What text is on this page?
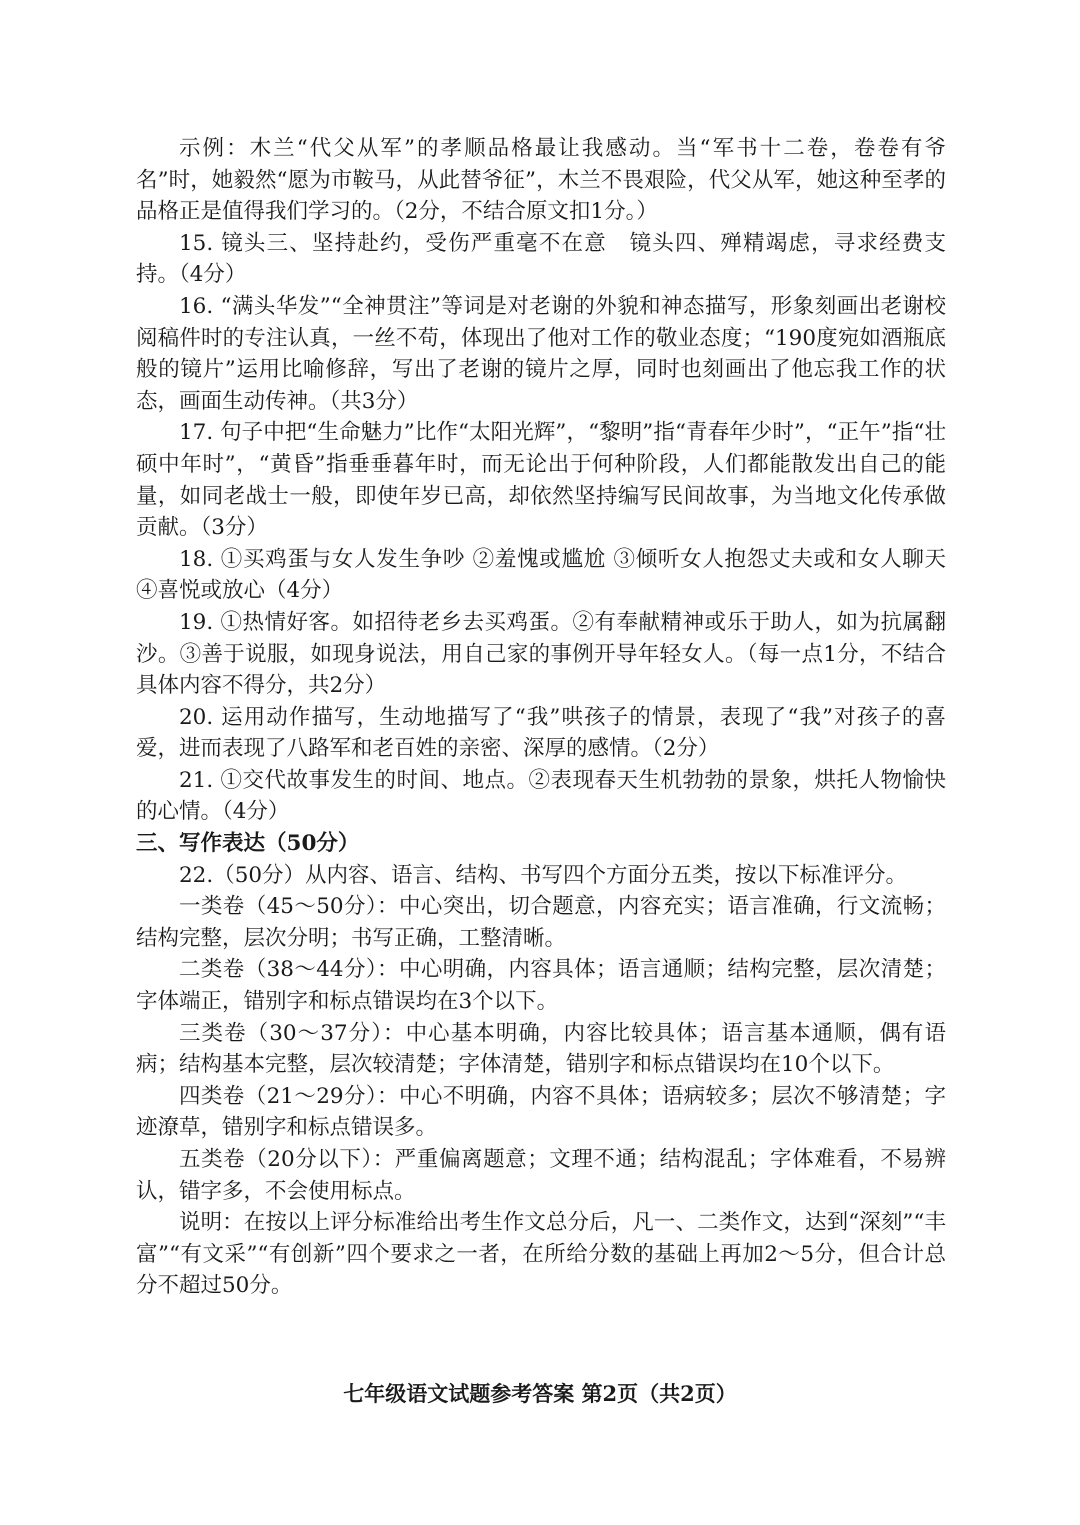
示例：木兰“代父从军”的孝顺品格最让我感动。当“军书十二卷，卷卷有爷名”时，她毅然“愿为市鞍马，从此替爷征”，木兰不畏艰险，代父从军，她这种至孝的品格正是值得我们学习的。（2分，不结合原文扣1分。）

15. 镜头三、坚持赴约，受伤严重毫不在意　镜头四、殚精竭虑，寻求经费支持。（4分）

16. “满头华发”“全神贯注”等词是对老谢的外貌和神态描写，形象刻画出老谢校阅稿件时的专注认真，一丝不苟，体现出了他对工作的敬业态度；“190度宛如酒瓶底般的镜片”运用比喻修辞，写出了老谢的镜片之厚，同时也刻画出了他忘我工作的状态，画面生动传神。（共3分）

17. 句子中把“生命魅力”比作“太阳光辉”，“黎明”指“青春年少时”，“正午”指“壮硕中年时”，“黄昏”指垂垂暮年时，而无论出于何种阶段，人们都能散发出自己的能量，如同老战士一般，即使年岁已高，却依然坚持编写民间故事，为当地文化传承做贡献。（3分）

18. ①买鸡蛋与女人发生争吵 ②羞愧或尴尬 ③倾听女人抱怨丈夫或和女人聊天 ④喜悦或放心（4分）

19. ①热情好客。如招待老乡去买鸡蛋。②有奉献精神或乐于助人，如为抗属翻沙。③善于说服，如现身说法，用自己家的事例开导年轻女人。（每一点1分，不结合具体内容不得分，共2分）

20. 运用动作描写，生动地描写了“我”哄孩子的情景，表现了“我”对孩子的喜爱，进而表现了八路军和老百姓的亲密、深厚的感情。（2分）

21. ①交代故事发生的时间、地点。②表现春天生机勃勃的景象，烘托人物愉快的心情。（4分）

三、写作表达（50分）

22.（50分）从内容、语言、结构、书写四个方面分五类，按以下标准评分。

一类卷（45～50分）：中心突出，切合题意，内容充实；语言准确，行文流畅；结构完整，层次分明；书写正确，工整清晰。

二类卷（38～44分）：中心明确，内容具体；语言通顺；结构完整，层次清楚；字体端正，错别字和标点错误均在3个以下。

三类卷（30～37分）：中心基本明确，内容比较具体；语言基本通顺，偶有语病；结构基本完整，层次较清楚；字体清楚，错别字和标点错误均在10个以下。

四类卷（21～29分）：中心不明确，内容不具体；语病较多；层次不够清楚；字迹潦草，错别字和标点错误多。

五类卷（20分以下）：严重偏离题意；文理不通；结构混乱；字体难看，不易辨认，错字多，不会使用标点。

说明：在按以上评分标准给出考生作文总分后，凡一、二类作文，达到“深刻”“丰富”“有文采”“有创新”四个要求之一者，在所给分数的基础上再加2～5分，但合计总分不超过50分。

七年级语文试题参考答案 第2页（共2页）
